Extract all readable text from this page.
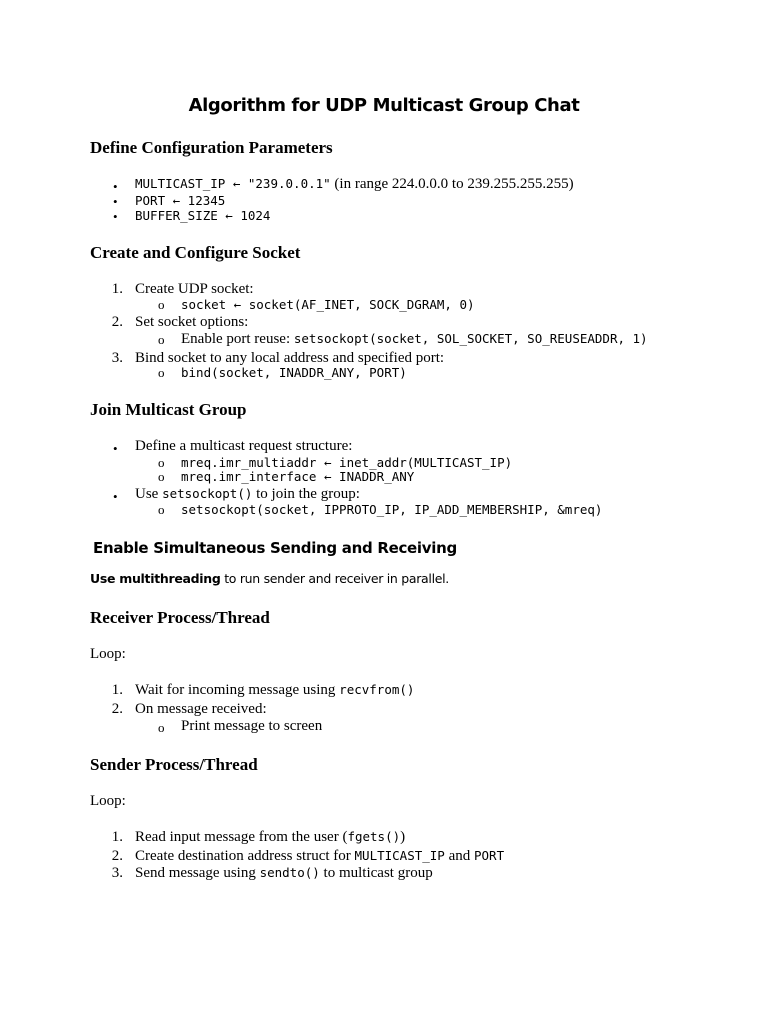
Algorithm for UDP Multicast Group Chat
Define Configuration Parameters
• MULTICAST_IP ← "239.0.0.1" (in range 224.0.0.0 to 239.255.255.255)
• PORT ← 12345
• BUFFER_SIZE ← 1024
Create and Configure Socket
1. Create UDP socket:
o socket ← socket(AF_INET, SOCK_DGRAM, 0)
2. Set socket options:
o Enable port reuse: setsockopt(socket, SOL_SOCKET, SO_REUSEADDR, 1)
3. Bind socket to any local address and specified port:
o bind(socket, INADDR_ANY, PORT)
Join Multicast Group
• Define a multicast request structure:
o mreq.imr_multiaddr ← inet_addr(MULTICAST_IP)
o mreq.imr_interface ← INADDR_ANY
• Use setsockopt() to join the group:
o setsockopt(socket, IPPROTO_IP, IP_ADD_MEMBERSHIP, &mreq)
Enable Simultaneous Sending and Receiving
Use multithreading to run sender and receiver in parallel.
Receiver Process/Thread
Loop:
1. Wait for incoming message using recvfrom()
2. On message received:
o Print message to screen
Sender Process/Thread
Loop:
1. Read input message from the user (fgets())
2. Create destination address struct for MULTICAST_IP and PORT
3. Send message using sendto() to multicast group
